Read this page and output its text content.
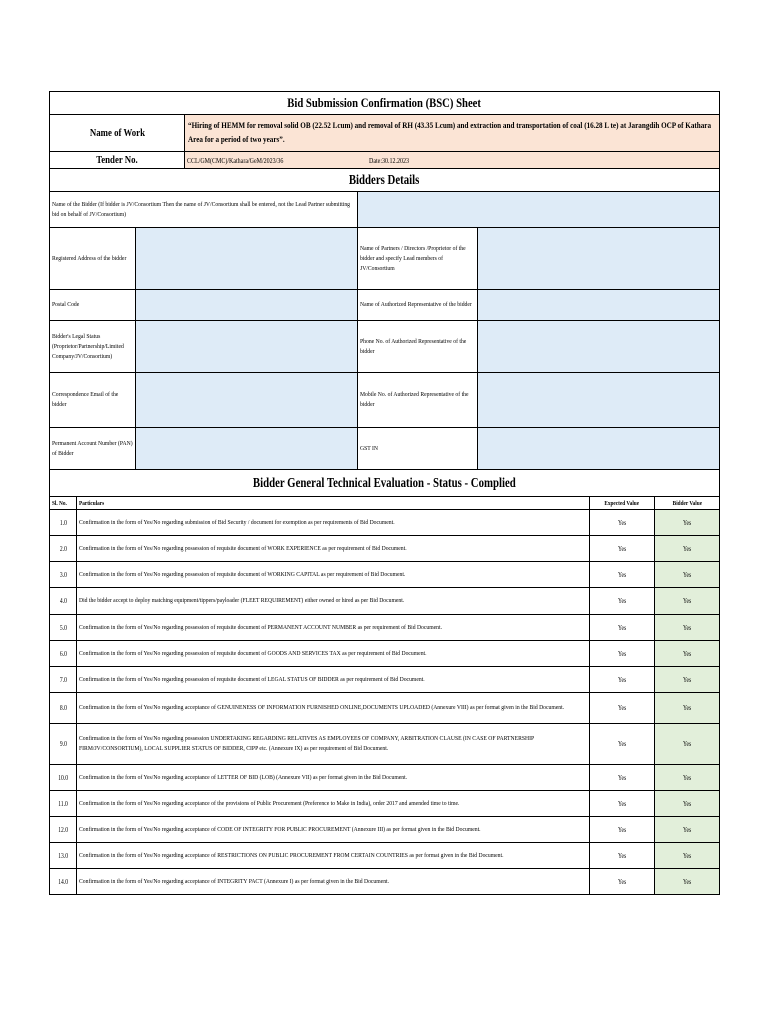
Bid Submission Confirmation (BSC) Sheet	
Name of Work	“Hiring of HEMM for removal solid OB (22.52 Lcum) and removal of RH (43.35 Lcum) and extraction and transportation of coal (16.28 L te) at Jarangdih OCP of Kathara Area for a period of two years”.

Tender No.	CCL/GM(CMC)/Kathara/GeM/2023/36 Date:30.12.2023
Bidders Details	
Name of the Bidder (If bidder is JV/Consortium Then the name of JV/Consortium shall be entered, not the Lead Partner submitting bid on behalf of JV/Consortium)			

Registered Address of the bidder		Name of Partners / Directors /Proprietor of the bidder and specify Lead members of JV/Consortium	

Postal Code		Name of Authorized Representative of the bidder	

Bidder's Legal Status (Proprietor/Partnership/Limited Company/JV/Consortium)		Phone No. of Authorized Representative of the bidder	

Correspondence Email of the bidder		Mobile No. of Authorized Representative of the bidder	

Permanent Account Number (PAN) of Bidder		GST IN	

Bidder General Technical Evaluation - Status - Complied			
Sl. No.	Particulars	Expected Value	Bidder Value
1.0	Confirmation in the form of Yes/No regarding submission of Bid Security / document for exemption as per requirements of Bid Document.	Yes	Yes
2.0	Confirmation in the form of Yes/No regarding possession of requisite document of WORK EXPERIENCE as per requirement of Bid Document.	Yes	Yes
3.0	Confirmation in the form of Yes/No regarding possession of requisite document of WORKING CAPITAL as per requirement of Bid Document.	Yes	Yes
4.0	Did the bidder accept to deploy matching equipment/tippers/payloader (FLEET REQUIREMENT) either owned or hired as per Bid Document.	Yes	Yes
5.0	Confirmation in the form of Yes/No regarding possession of requisite document of PERMANENT ACCOUNT NUMBER as per requirement of Bid Document.	Yes	Yes
6.0	Confirmation in the form of Yes/No regarding possession of requisite document of GOODS AND SERVICES TAX as per requirement of Bid Document.	Yes	Yes
7.0	Confirmation in the form of Yes/No regarding possession of requisite document of LEGAL STATUS OF BIDDER as per requirement of Bid Document.	Yes	Yes
8.0	Confirmation in the form of Yes/No regarding acceptance of GENUINENESS OF INFORMATION FURNISHED ONLINE,DOCUMENTS UPLOADED (Annexure VIII) as per format given in the Bid Document.	Yes	Yes
9.0	Confirmation in the form of Yes/No regarding possession UNDERTAKING REGARDING RELATIVES AS EMPLOYEES OF COMPANY, ARBITRATION CLAUSE (IN CASE OF PARTNERSHIP FIRM/JV/CONSORTIUM), LOCAL SUPPLIER STATUS OF BIDDER, CIPP etc. (Annexure IX) as per requirement of Bid Document.	Yes	Yes
10.0	Confirmation in the form of Yes/No regarding acceptance of LETTER OF BID (LOB) (Annexure VII) as per format given in the Bid Document.	Yes	Yes
11.0	Confirmation in the form of Yes/No regarding acceptance of the provisions of Public Procurement (Preference to Make in India), order 2017 and amended time to time.	Yes	Yes
12.0	Confirmation in the form of Yes/No regarding acceptance of CODE OF INTEGRITY FOR PUBLIC PROCUREMENT (Annexure III) as per format given in the Bid Document.	Yes	Yes
13.0	Confirmation in the form of Yes/No regarding acceptance of RESTRICTIONS ON PUBLIC PROCUREMENT FROM CERTAIN COUNTRIES as per format given in the Bid Document.	Yes	Yes
14.0	Confirmation in the form of Yes/No regarding acceptance of INTEGRITY PACT (Annexure I) as per format given in the Bid Document.	Yes	Yes
